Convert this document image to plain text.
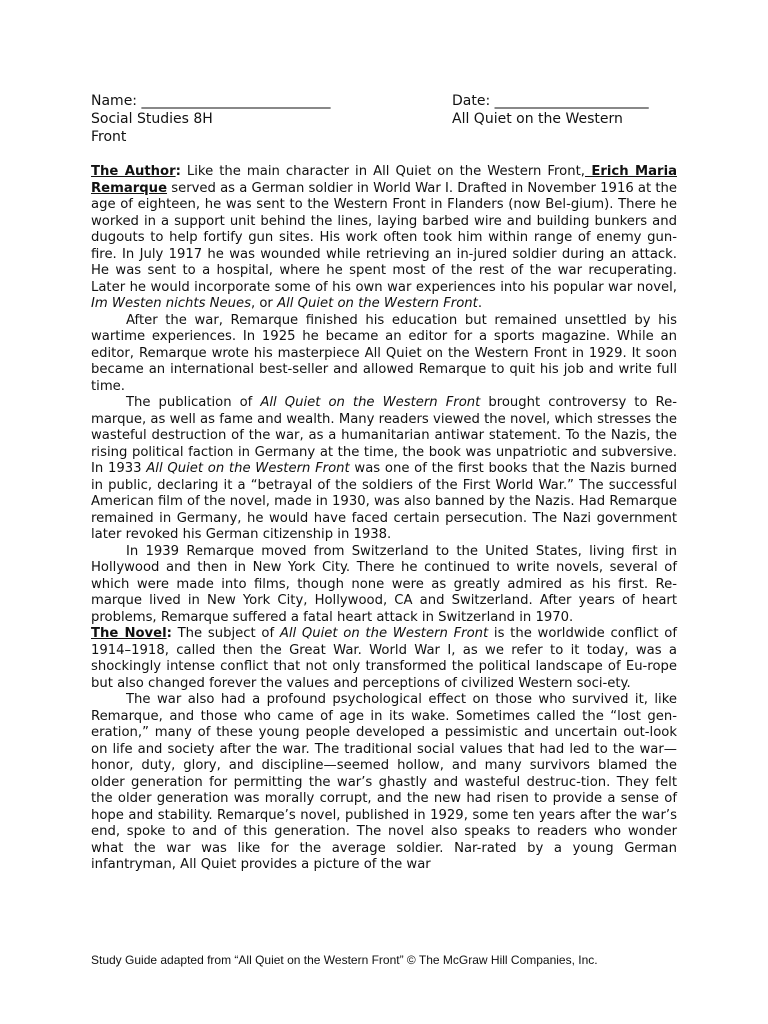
Name: ___________________________	Date: ______________________
Social Studies 8H	All Quiet on the Western
Front

The Author: Like the main character in All Quiet on the Western Front, Erich Maria Remarque served as a German soldier in World War I. Drafted in November 1916 at the age of eighteen, he was sent to the Western Front in Flanders (now Bel-gium). There he worked in a support unit behind the lines, laying barbed wire and building bunkers and dugouts to help fortify gun sites. His work often took him within range of enemy gun- fire. In July 1917 he was wounded while retrieving an in-jured soldier during an attack. He was sent to a hospital, where he spent most of the rest of the war recuperating. Later he would incorporate some of his own war experiences into his popular war novel, Im Westen nichts Neues, or All Quiet on the Western Front.

After the war, Remarque finished his education but remained unsettled by his wartime experiences. In 1925 he became an editor for a sports magazine. While an editor, Remarque wrote his masterpiece All Quiet on the Western Front in 1929. It soon became an international best-seller and allowed Remarque to quit his job and write full time.

The publication of All Quiet on the Western Front brought controversy to Re-marque, as well as fame and wealth. Many readers viewed the novel, which stresses the wasteful destruction of the war, as a humanitarian antiwar statement. To the Nazis, the rising political faction in Germany at the time, the book was unpatriotic and subversive. In 1933 All Quiet on the Western Front was one of the first books that the Nazis burned in public, declaring it a “betrayal of the soldiers of the First World War.” The successful American film of the novel, made in 1930, was also banned by the Nazis. Had Remarque remained in Germany, he would have faced certain persecution. The Nazi government later revoked his German citizenship in 1938.

In 1939 Remarque moved from Switzerland to the United States, living first in Hollywood and then in New York City. There he continued to write novels, several of which were made into films, though none were as greatly admired as his first. Re-marque lived in New York City, Hollywood, CA and Switzerland. After years of heart problems, Remarque suffered a fatal heart attack in Switzerland in 1970.

The Novel: The subject of All Quiet on the Western Front is the worldwide conflict of 1914–1918, called then the Great War. World War I, as we refer to it today, was a shockingly intense conflict that not only transformed the political landscape of Eu-rope but also changed forever the values and perceptions of civilized Western soci-ety.

The war also had a profound psychological effect on those who survived it, like Remarque, and those who came of age in its wake. Sometimes called the “lost gen-eration,” many of these young people developed a pessimistic and uncertain out-look on life and society after the war. The traditional social values that had led to the war—honor, duty, glory, and discipline—seemed hollow, and many survivors blamed the older generation for permitting the war’s ghastly and wasteful destruc-tion. They felt the older generation was morally corrupt, and the new had risen to provide a sense of hope and stability. Remarque’s novel, published in 1929, some ten years after the war’s end, spoke to and of this generation. The novel also speaks to readers who wonder what the war was like for the average soldier. Nar-rated by a young German infantryman, All Quiet provides a picture of the war

Study Guide adapted from “All Quiet on the Western Front” © The McGraw Hill Companies, Inc.
